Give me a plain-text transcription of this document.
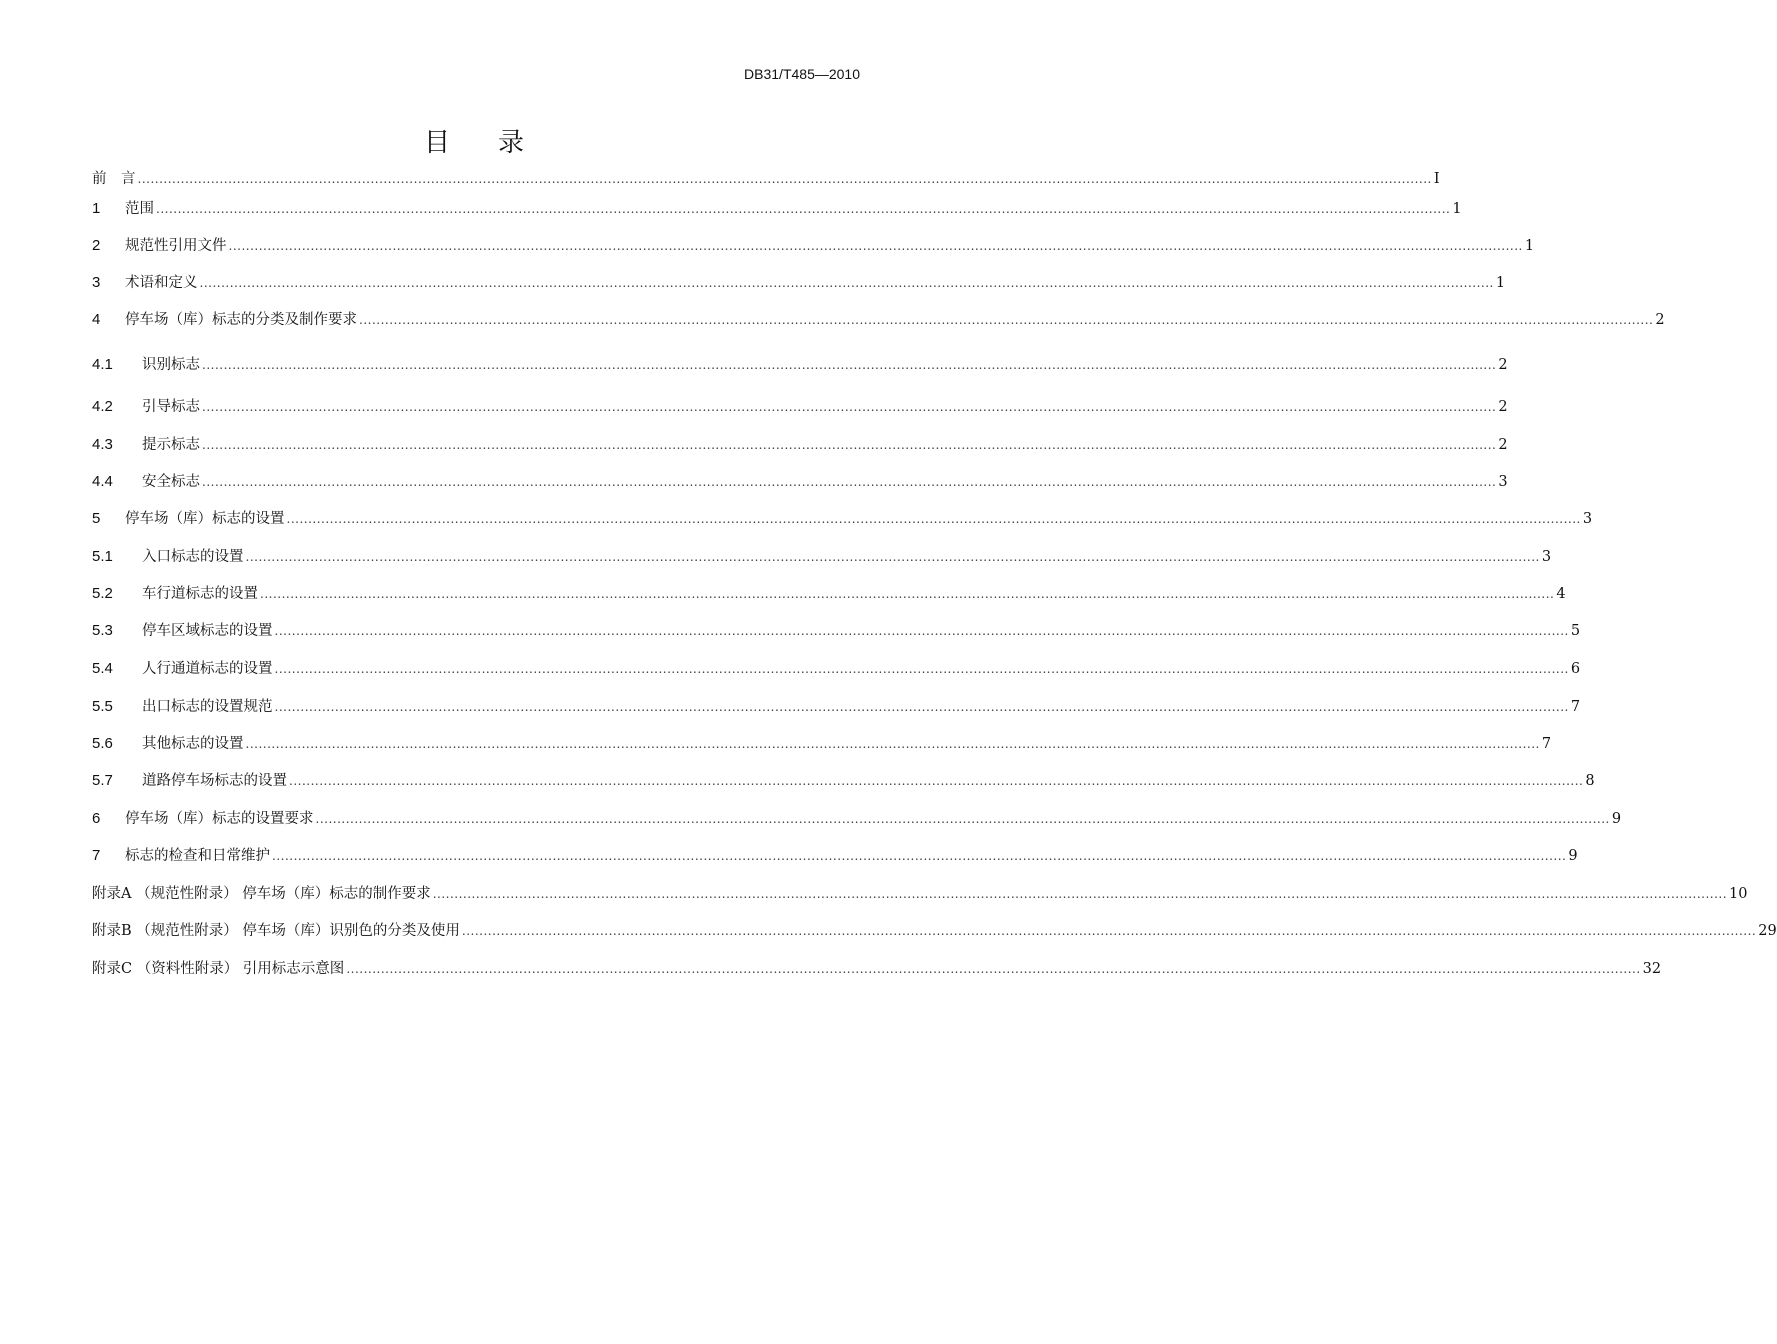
DB31/T485—2010
目 录
前　言 ............................................................................................................................................................................................................................................................................................................ I
1	范围 ............................................................................................................................................................................................................................................................................................................ 1
2	规范性引用文件 ............................................................................................................................................................................................................................................................................................................ 1
3	术语和定义 ............................................................................................................................................................................................................................................................................................................ 1
4	停车场（库）标志的分类及制作要求 ............................................................................................................................................................................................................................................................................................................ 2
4.1	识别标志 ............................................................................................................................................................................................................................................................................................................ 2
4.2	引导标志 ............................................................................................................................................................................................................................................................................................................ 2
4.3	提示标志 ............................................................................................................................................................................................................................................................................................................ 2
4.4	安全标志 ............................................................................................................................................................................................................................................................................................................ 3
5	停车场（库）标志的设置 ............................................................................................................................................................................................................................................................................................................ 3
5.1	入口标志的设置 ............................................................................................................................................................................................................................................................................................................ 3
5.2	车行道标志的设置 ............................................................................................................................................................................................................................................................................................................ 4
5.3	停车区域标志的设置 ............................................................................................................................................................................................................................................................................................................ 5
5.4	人行通道标志的设置 ............................................................................................................................................................................................................................................................................................................ 6
5.5	出口标志的设置规范 ............................................................................................................................................................................................................................................................................................................ 7
5.6	其他标志的设置 ............................................................................................................................................................................................................................................................................................................ 7
5.7	道路停车场标志的设置 ............................................................................................................................................................................................................................................................................................................ 8
6	停车场（库）标志的设置要求 ............................................................................................................................................................................................................................................................................................................ 9
7	标志的检查和日常维护 ............................................................................................................................................................................................................................................................................................................ 9
附录A （规范性附录） 停车场（库）标志的制作要求 ............................................................................................................................................................................................................................................................................................................ 10
附录B （规范性附录） 停车场（库）识别色的分类及使用 ............................................................................................................................................................................................................................................................................................................ 29
附录C （资料性附录） 引用标志示意图 ............................................................................................................................................................................................................................................................................................................ 32
